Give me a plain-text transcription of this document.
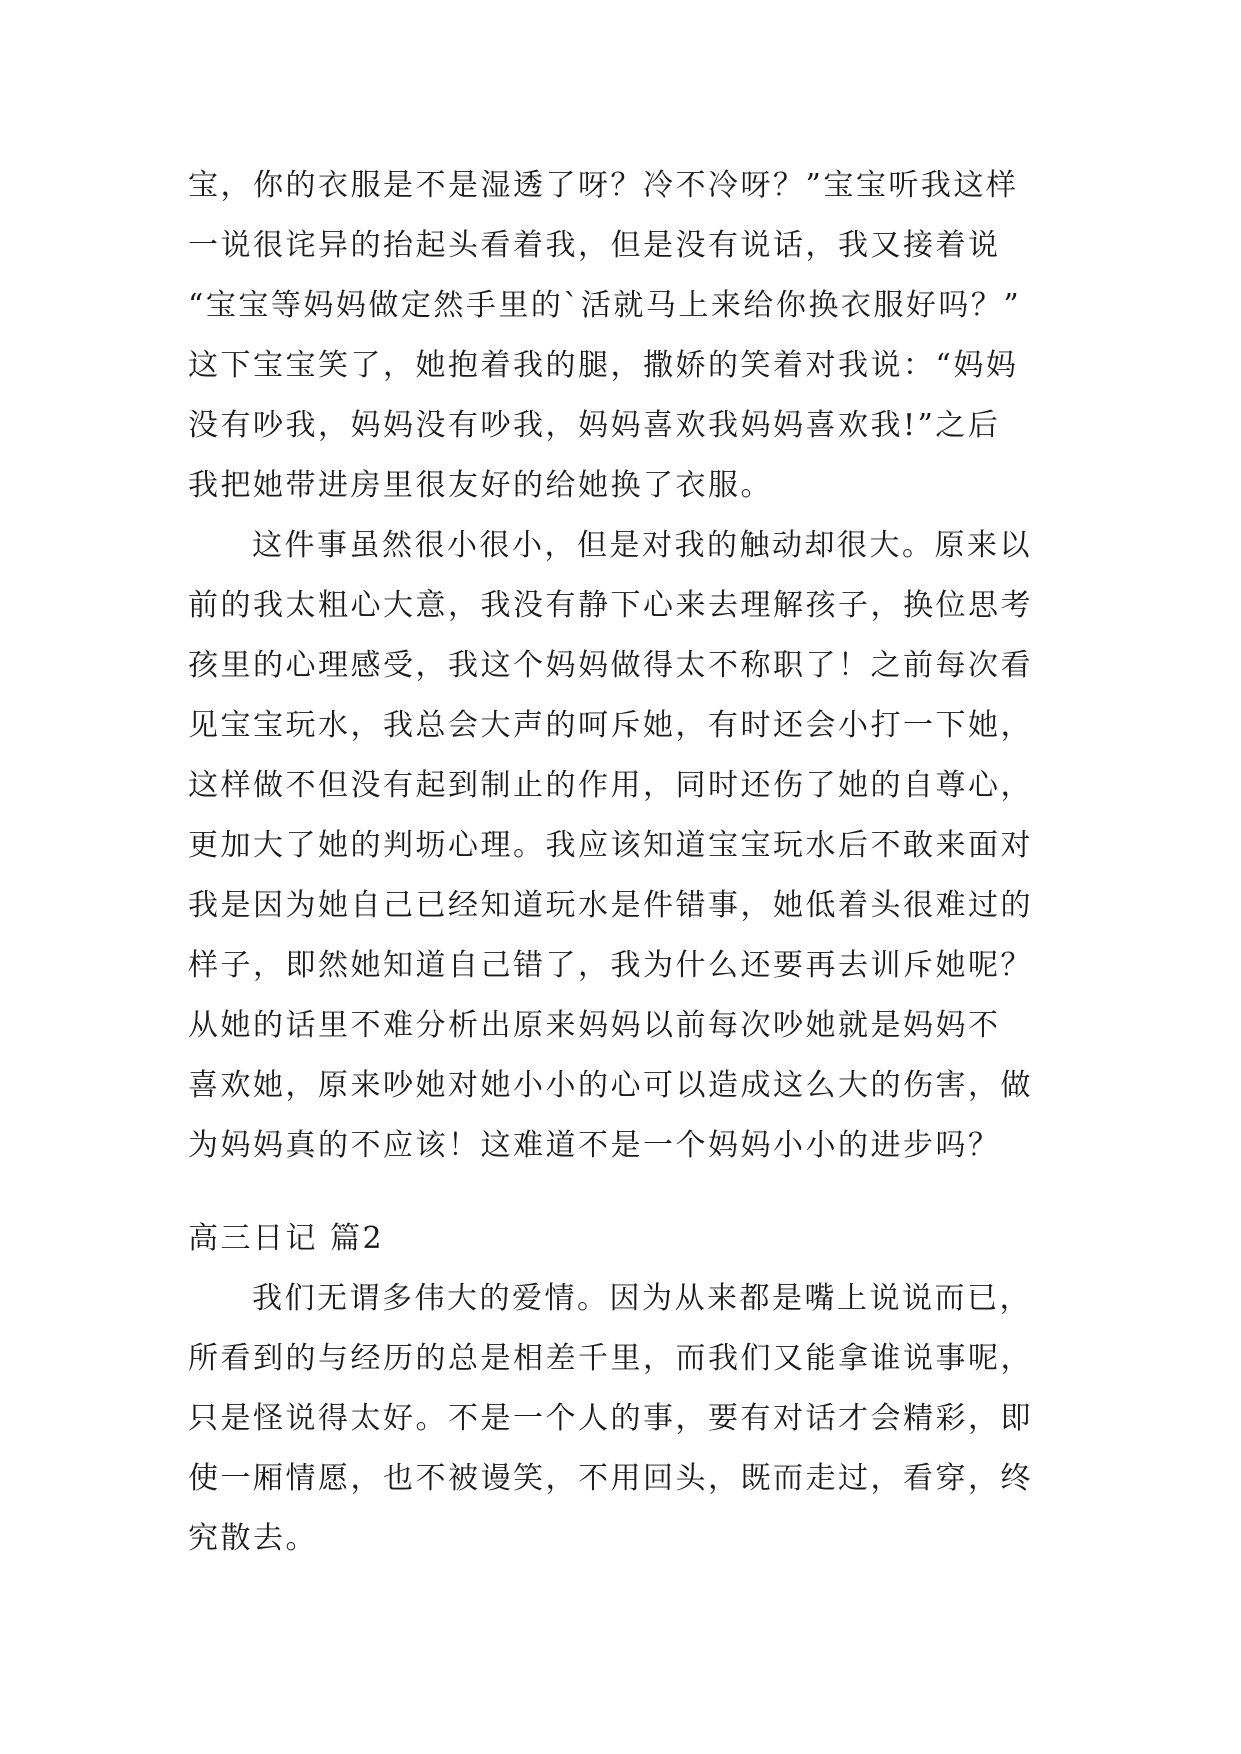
宝，你的衣服是不是湿透了呀？冷不冷呀？”宝宝听我这样
一说很诧异的抬起头看着我，但是没有说话，我又接着说
“宝宝等妈妈做定然手里的`活就马上来给你换衣服好吗？”
这下宝宝笑了，她抱着我的腿，撒娇的笑着对我说：“妈妈
没有吵我，妈妈没有吵我，妈妈喜欢我妈妈喜欢我!”之后
我把她带进房里很友好的给她换了衣服。
这件事虽然很小很小，但是对我的触动却很大。原来以
前的我太粗心大意，我没有静下心来去理解孩子，换位思考
孩里的心理感受，我这个妈妈做得太不称职了！之前每次看
见宝宝玩水，我总会大声的呵斥她，有时还会小打一下她，
这样做不但没有起到制止的作用，同时还伤了她的自尊心，
更加大了她的判坜心理。我应该知道宝宝玩水后不敢来面对
我是因为她自己已经知道玩水是件错事，她低着头很难过的
样子，即然她知道自己错了，我为什么还要再去训斥她呢？
从她的话里不难分析出原来妈妈以前每次吵她就是妈妈不
喜欢她，原来吵她对她小小的心可以造成这么大的伤害，做
为妈妈真的不应该！这难道不是一个妈妈小小的进步吗？
高三日记 篇2
我们无谓多伟大的爱情。因为从来都是嘴上说说而已，
所看到的与经历的总是相差千里，而我们又能拿谁说事呢，
只是怪说得太好。不是一个人的事，要有对话才会精彩，即
使一厢情愿，也不被谩笑，不用回头，既而走过，看穿，终
究散去。
